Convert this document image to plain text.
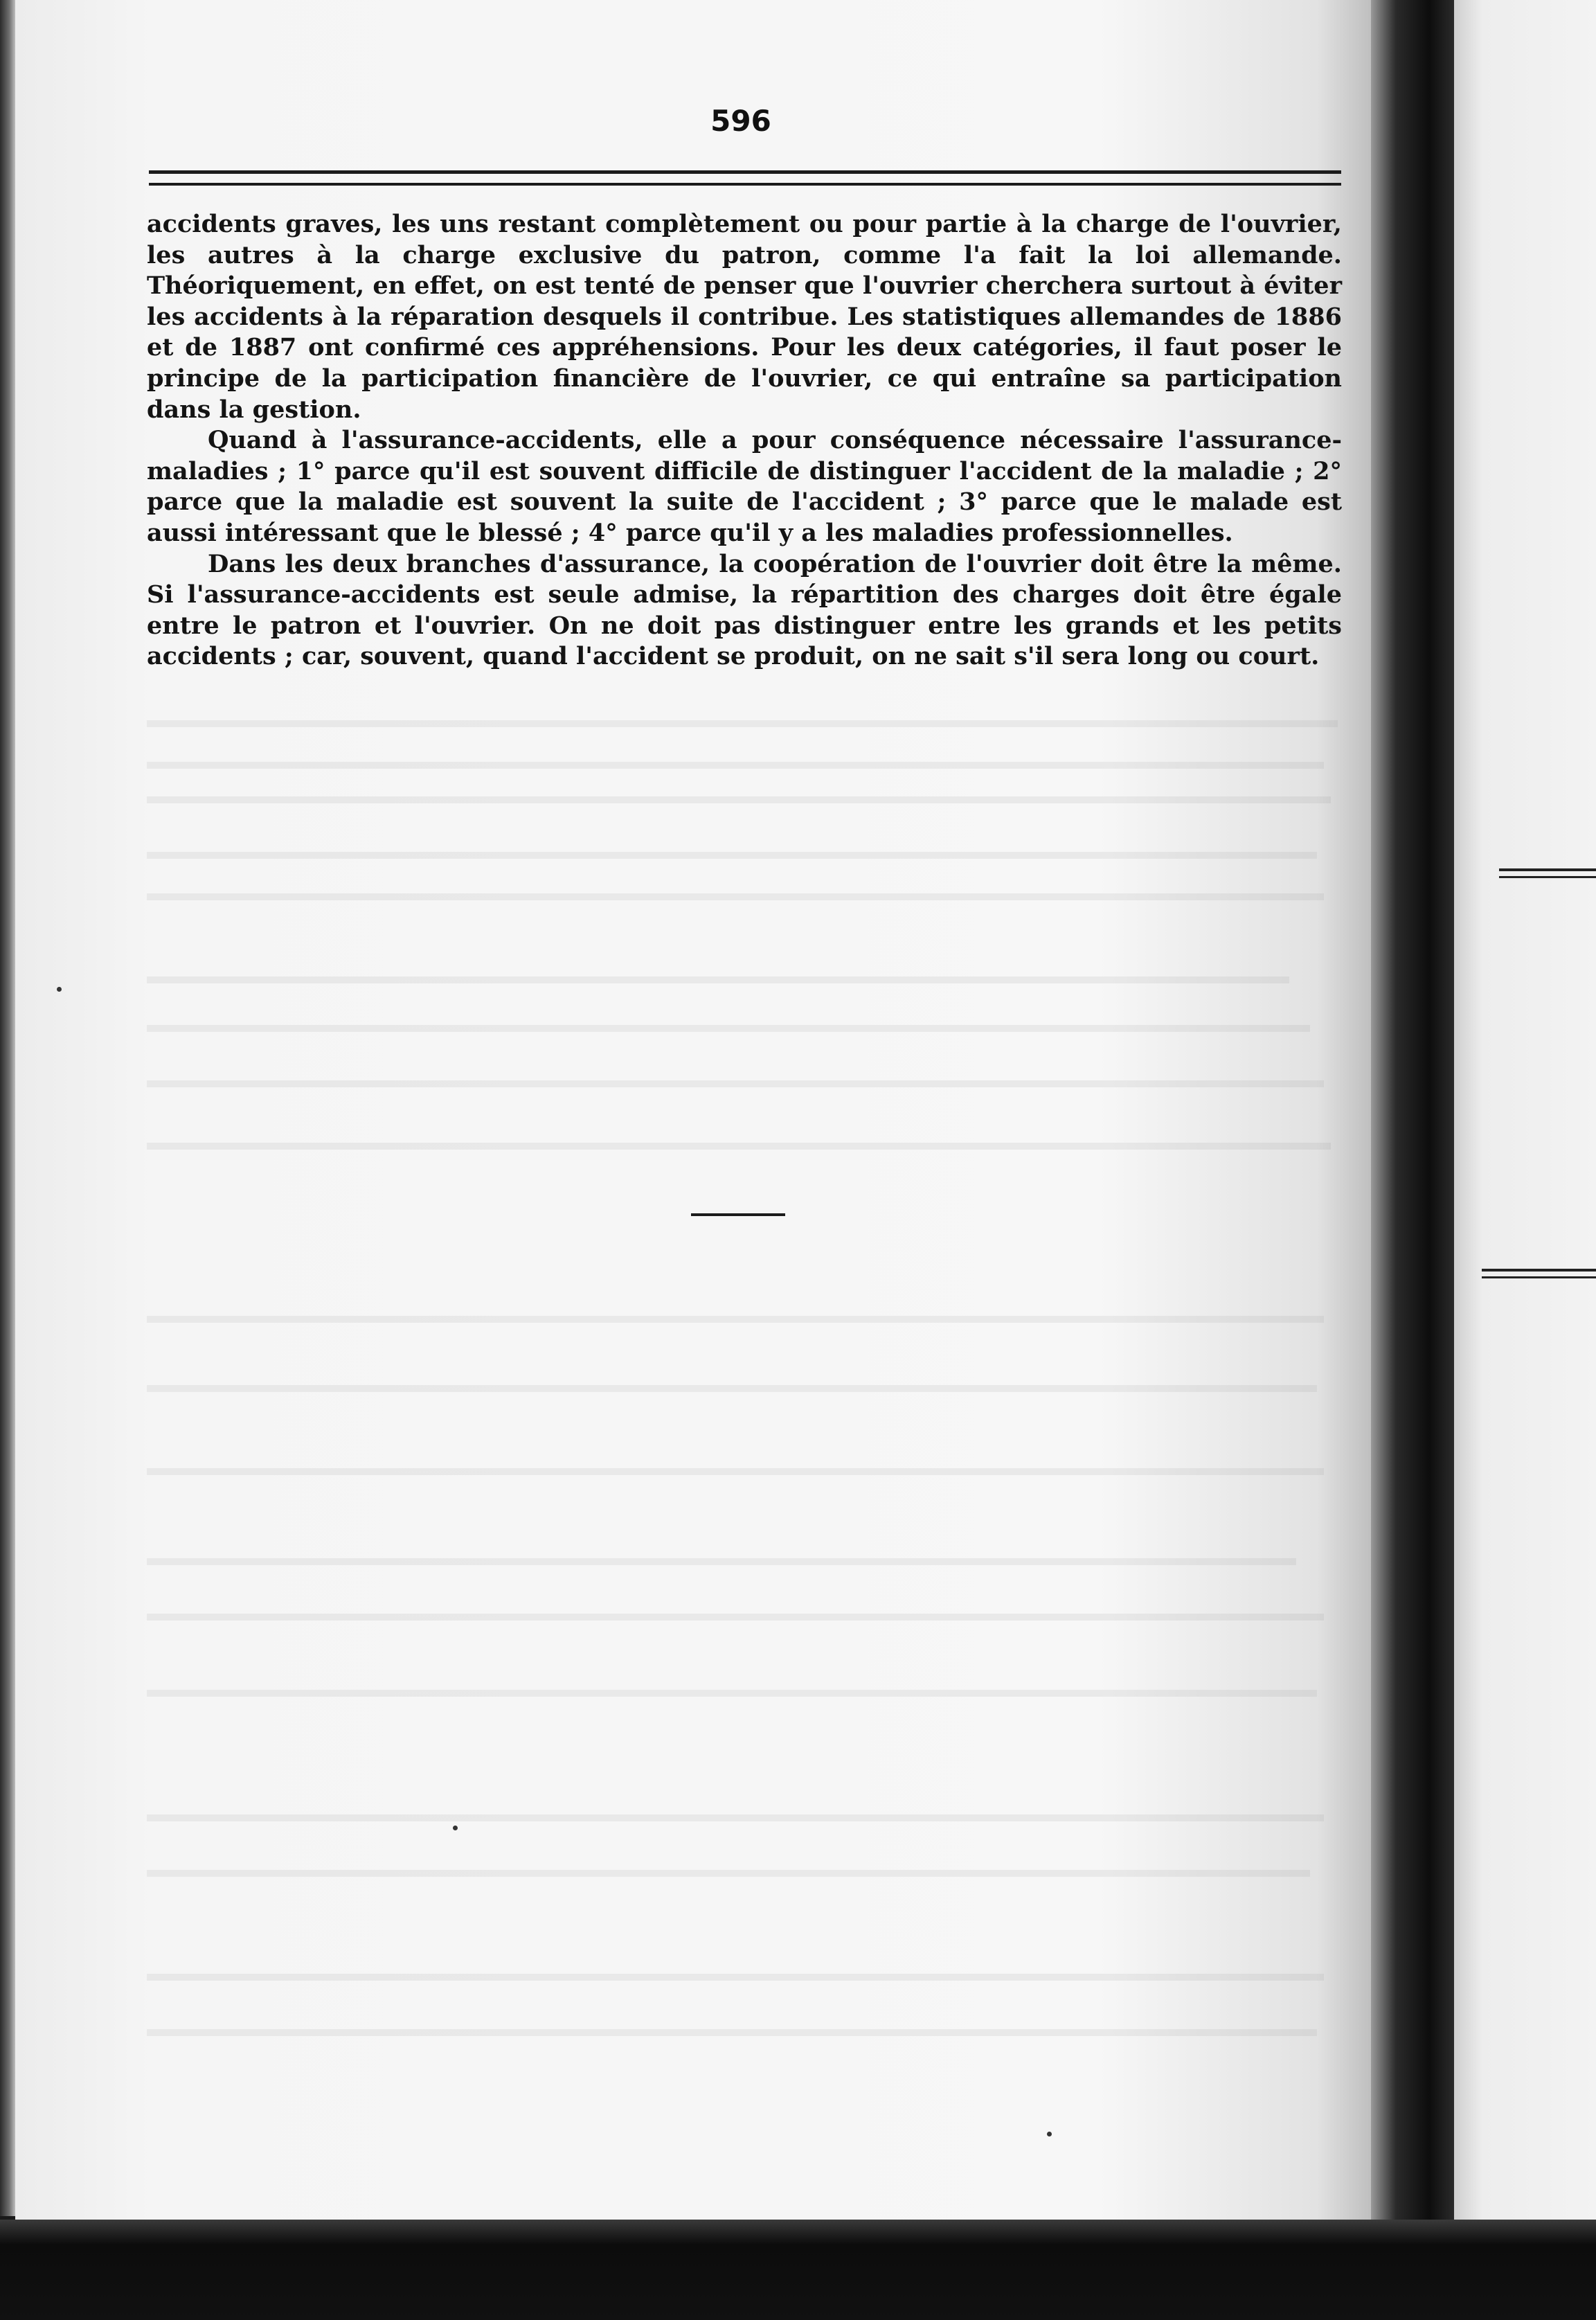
596

accidents graves, les uns restant complètement ou pour partie à la charge de l'ouvrier, les autres à la charge exclusive du patron, comme l'a fait la loi allemande. Théoriquement, en effet, on est tenté de penser que l'ouvrier cherchera surtout à éviter les accidents à la réparation desquels il contribue. Les statistiques allemandes de 1886 et de 1887 ont confirmé ces appréhensions. Pour les deux catégories, il faut poser le principe de la participation financière de l'ouvrier, ce qui entraîne sa participation dans la gestion.

Quand à l'assurance-accidents, elle a pour conséquence nécessaire l'assurance-maladies ; 1° parce qu'il est souvent difficile de distinguer l'accident de la maladie ; 2° parce que la maladie est souvent la suite de l'accident ; 3° parce que le malade est aussi intéressant que le blessé ; 4° parce qu'il y a les maladies professionnelles.

Dans les deux branches d'assurance, la coopération de l'ouvrier doit être la même. Si l'assurance-accidents est seule admise, la répartition des charges doit être égale entre le patron et l'ouvrier. On ne doit pas distinguer entre les grands et les petits accidents ; car, souvent, quand l'accident se produit, on ne sait s'il sera long ou court.
